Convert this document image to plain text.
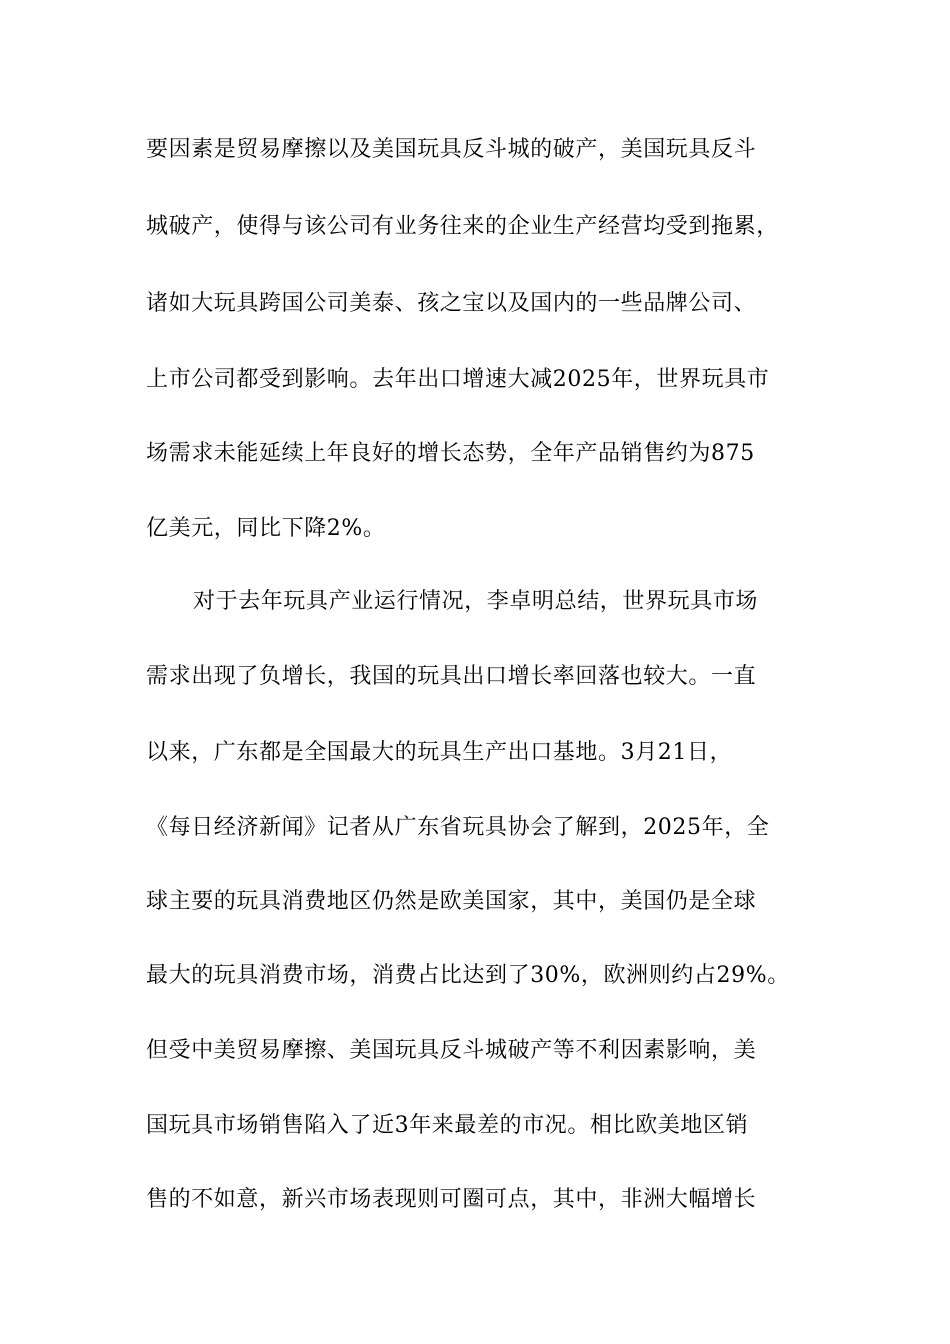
要因素是贸易摩擦以及美国玩具反斗城的破产，美国玩具反斗
城破产，使得与该公司有业务往来的企业生产经营均受到拖累，
诸如大玩具跨国公司美泰、孩之宝以及国内的一些品牌公司、
上市公司都受到影响。去年出口增速大减2025年，世界玩具市
场需求未能延续上年良好的增长态势，全年产品销售约为875
亿美元，同比下降2%。
对于去年玩具产业运行情况，李卓明总结，世界玩具市场
需求出现了负增长，我国的玩具出口增长率回落也较大。一直
以来，广东都是全国最大的玩具生产出口基地。3月21日，
《每日经济新闻》记者从广东省玩具协会了解到，2025年，全
球主要的玩具消费地区仍然是欧美国家，其中，美国仍是全球
最大的玩具消费市场，消费占比达到了30%，欧洲则约占29%。
但受中美贸易摩擦、美国玩具反斗城破产等不利因素影响，美
国玩具市场销售陷入了近3年来最差的市况。相比欧美地区销
售的不如意，新兴市场表现则可圈可点，其中，非洲大幅增长
